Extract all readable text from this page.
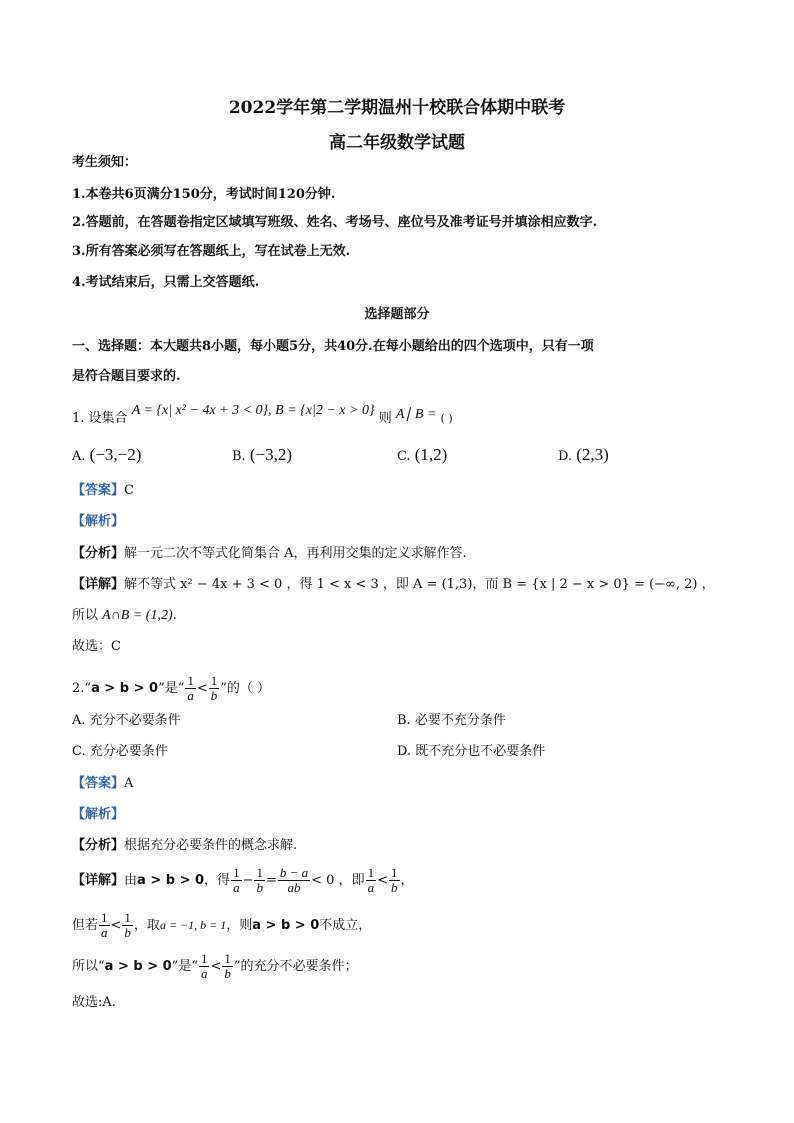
2022学年第二学期温州十校联合体期中联考
高二年级数学试题
考生须知：
1.本卷共6页满分150分，考试时间120分钟.
2.答题前，在答题卷指定区域填写班级、姓名、考场号、座位号及准考证号并填涂相应数字.
3.所有答案必须写在答题纸上，写在试卷上无效.
4.考试结束后，只需上交答题纸.
选择题部分
一、选择题：本大题共8小题，每小题5分，共40分.在每小题给出的四个选项中，只有一项
是符合题目要求的.
1. 设集合 A = {x| x² − 4x + 3 < 0}, B = {x|2 − x > 0} 则 A∣ B = ( )
A. (−3,−2)	B. (−3,2)	C. (1,2)	D. (2,3)
【答案】C
【解析】
【分析】解一元二次不等式化简集合 A，再利用交集的定义求解作答.
【详解】解不等式 x² − 4x + 3 < 0 ，得 1 < x < 3 ，即 A = (1,3)，而 B = {x | 2 − x > 0} = (−∞, 2) ，
所以 A∩B = (1,2).
故选：C
2.“a > b > 0”是“ $\frac{1}{a} < \frac{1}{b}$ ”的（ ）
A. 充分不必要条件	B. 必要不充分条件
C. 充分必要条件	D. 既不充分也不必要条件
【答案】A
【解析】
【分析】根据充分必要条件的概念求解.
【详解】由a > b > 0，得 $\frac{1}{a} - \frac{1}{b} = \frac{b - a}{ab} < 0$ ，即 $\frac{1}{a} < \frac{1}{b}$ ，
但若 $\frac{1}{a} < \frac{1}{b}$ ，取a = −1, b = 1，则a > b > 0不成立，
所以“a > b > 0”是“ $\frac{1}{a} < \frac{1}{b}$ ”的充分不必要条件；
故选:A.
